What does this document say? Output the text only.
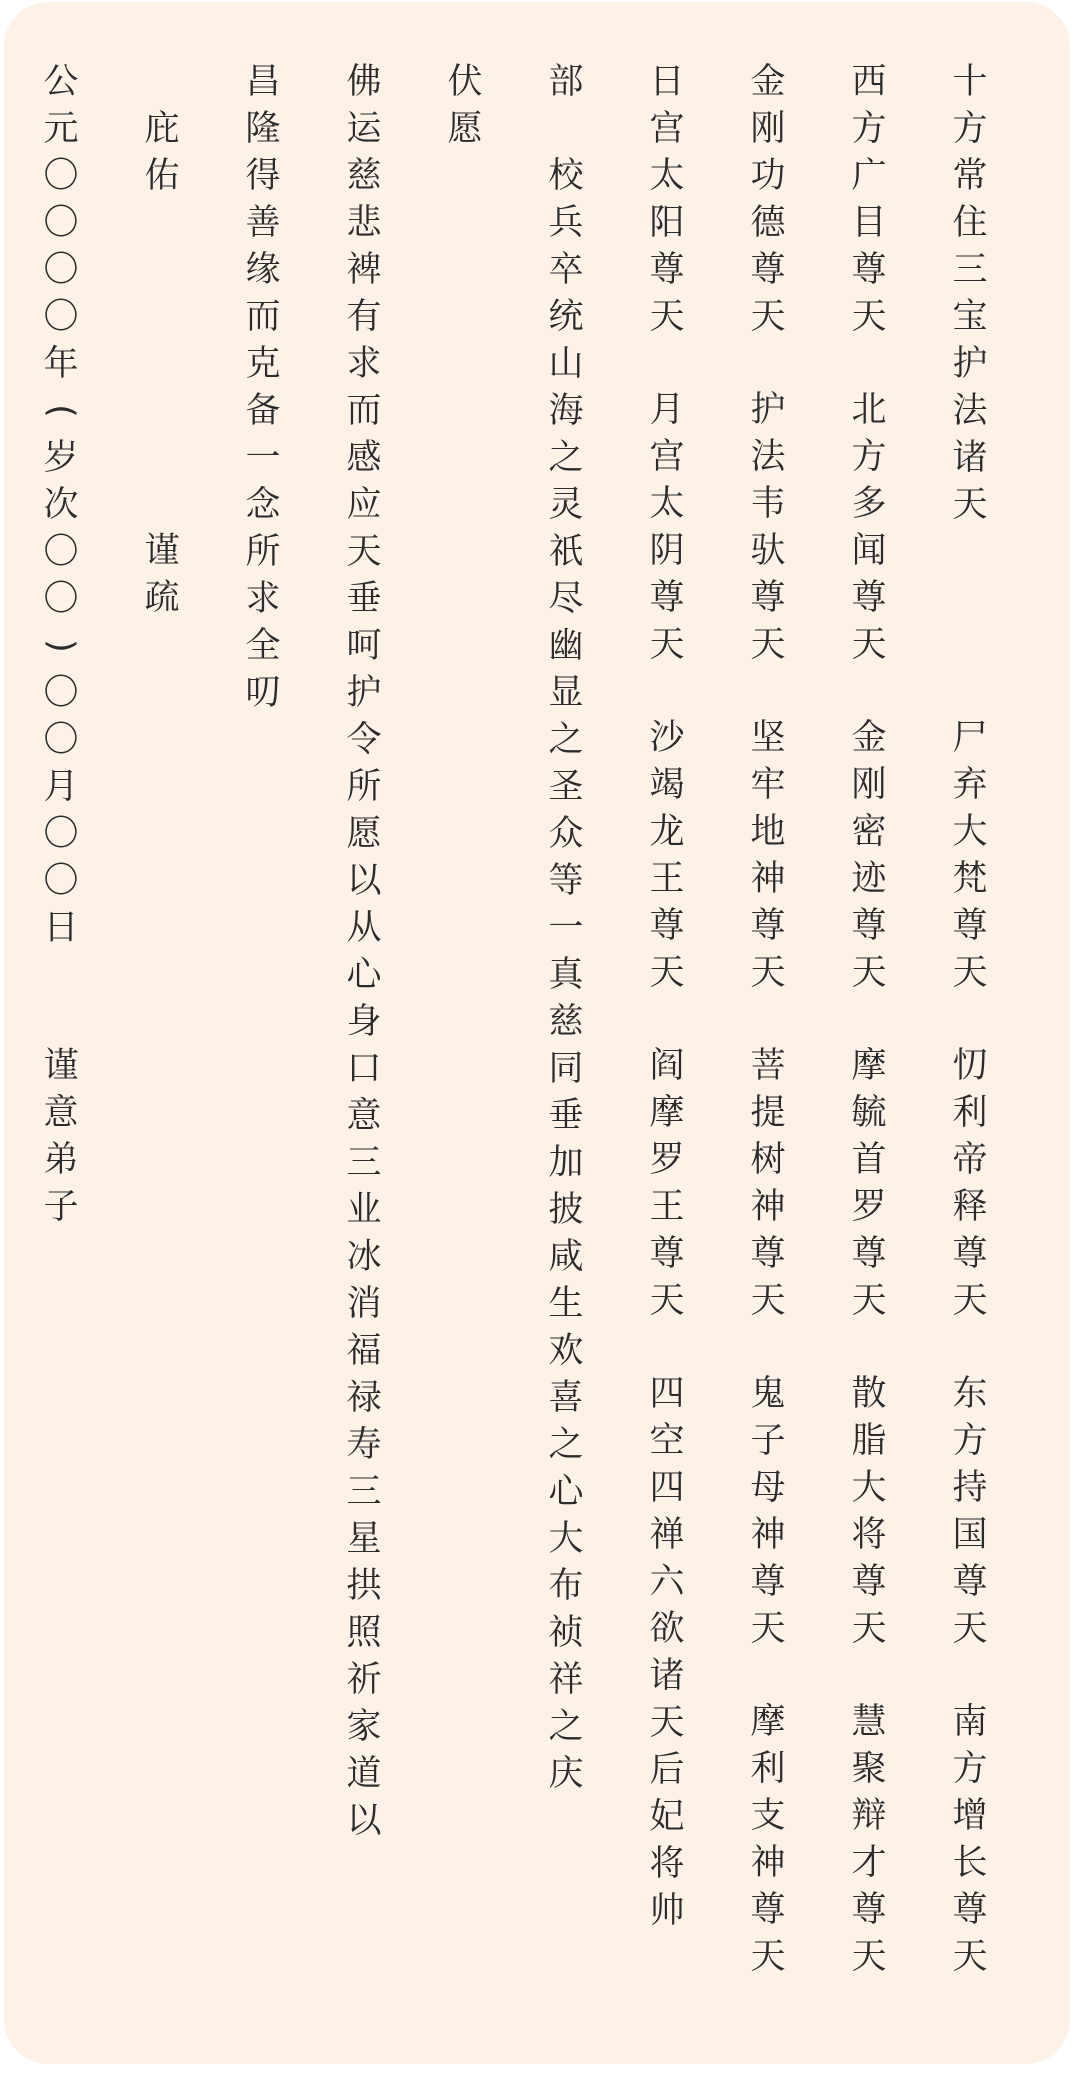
十
方
常
住
三
宝
护
法
诸
天
尸
弃
大
梵
尊
天
忉
利
帝
释
尊
天
东
方
持
国
尊
天
南
方
增
长
尊
天
西
方
广
目
尊
天
北
方
多
闻
尊
天
金
刚
密
迹
尊
天
摩
毓
首
罗
尊
天
散
脂
大
将
尊
天
慧
聚
辩
才
尊
天
金
刚
功
德
尊
天
护
法
韦
驮
尊
天
坚
牢
地
神
尊
天
菩
提
树
神
尊
天
鬼
子
母
神
尊
天
摩
利
支
神
尊
天
日
宫
太
阳
尊
天
月
宫
太
阴
尊
天
沙
竭
龙
王
尊
天
阎
摩
罗
王
尊
天
四
空
四
禅
六
欲
诸
天
后
妃
将
帅
部
校
兵
卒
统
山
海
之
灵
祇
尽
幽
显
之
圣
众
等
一
真
慈
同
垂
加
披
咸
生
欢
喜
之
心
大
布
祯
祥
之
庆
伏
愿
佛
运
慈
悲
裨
有
求
而
感
应
天
垂
呵
护
令
所
愿
以
从
心
身
口
意
三
业
冰
消
福
禄
寿
三
星
拱
照
祈
家
道
以
昌
隆
得
善
缘
而
克
备
一
念
所
求
全
叨
庇
佑
谨
疏
公
元
〇
〇
〇
〇
年
(
岁
次
〇
〇
)
〇
〇
月
〇
〇
日
谨
意
弟
子
